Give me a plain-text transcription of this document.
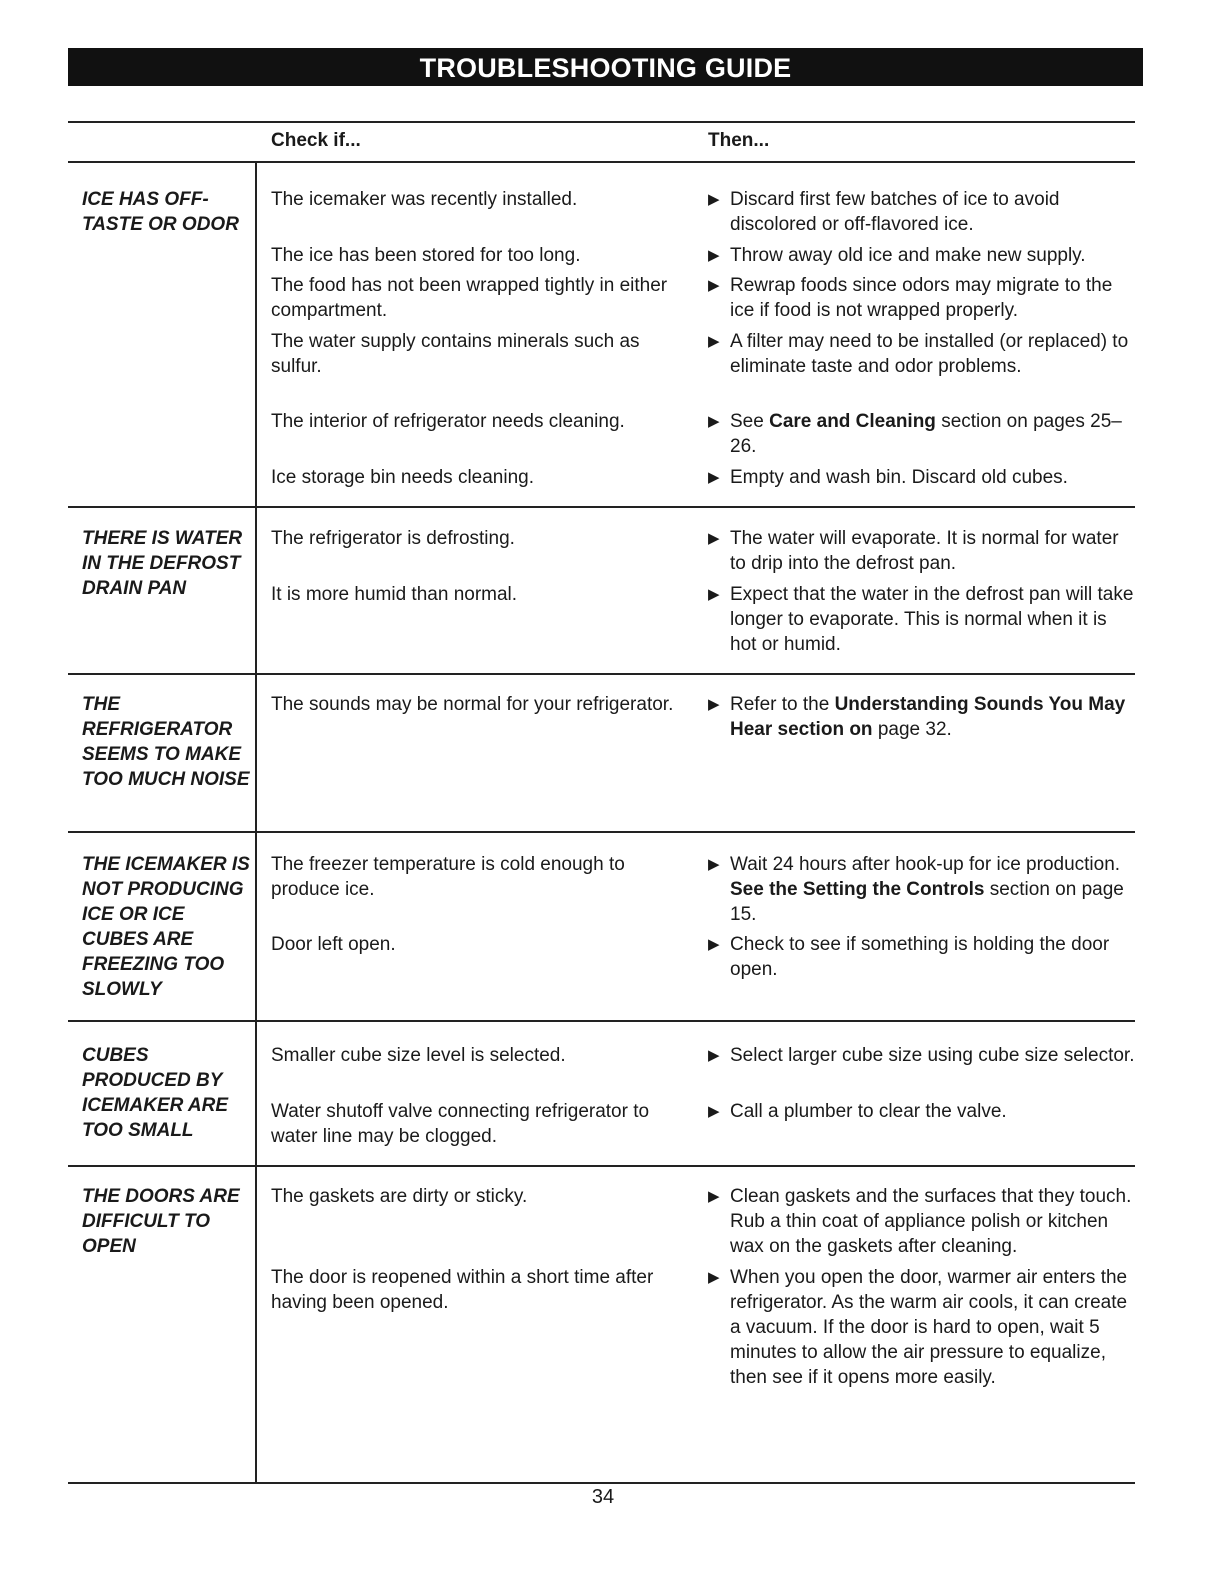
TROUBLESHOOTING GUIDE
Check if...	Then...
ICE HAS OFF-TASTE OR ODOR
The icemaker was recently installed.
The ice has been stored for too long.
The food has not been wrapped tightly in either compartment.
The water supply contains minerals such as sulfur.
The interior of refrigerator needs cleaning.
Ice storage bin needs cleaning.
▶ Discard first few batches of ice to avoid discolored or off-flavored ice.
▶ Throw away old ice and make new supply.
▶ Rewrap foods since odors may migrate to the ice if food is not wrapped properly.
▶ A filter may need to be installed (or replaced) to eliminate taste and odor problems.
▶ See Care and Cleaning section on pages 25–26.
▶ Empty and wash bin. Discard old cubes.
THERE IS WATER IN THE DEFROST DRAIN PAN
The refrigerator is defrosting.
It is more humid than normal.
▶ The water will evaporate. It is normal for water to drip into the defrost pan.
▶ Expect that the water in the defrost pan will take longer to evaporate. This is normal when it is hot or humid.
THE REFRIGERATOR SEEMS TO MAKE TOO MUCH NOISE
The sounds may be normal for your refrigerator.	▶ Refer to the Understanding Sounds You May Hear section on page 32.
THE ICEMAKER IS NOT PRODUCING ICE OR ICE CUBES ARE FREEZING TOO SLOWLY
The freezer temperature is cold enough to produce ice.
Door left open.
▶ Wait 24 hours after hook-up for ice production. See the Setting the Controls section on page 15.
▶ Check to see if something is holding the door open.
CUBES PRODUCED BY ICEMAKER ARE TOO SMALL
Smaller cube size level is selected.
Water shutoff valve connecting refrigerator to water line may be clogged.
▶ Select larger cube size using cube size selector.
▶ Call a plumber to clear the valve.
THE DOORS ARE DIFFICULT TO OPEN
The gaskets are dirty or sticky.
The door is reopened within a short time after having been opened.
▶ Clean gaskets and the surfaces that they touch. Rub a thin coat of appliance polish or kitchen wax on the gaskets after cleaning.
▶ When you open the door, warmer air enters the refrigerator. As the warm air cools, it can create a vacuum. If the door is hard to open, wait 5 minutes to allow the air pressure to equalize, then see if it opens more easily.
34
